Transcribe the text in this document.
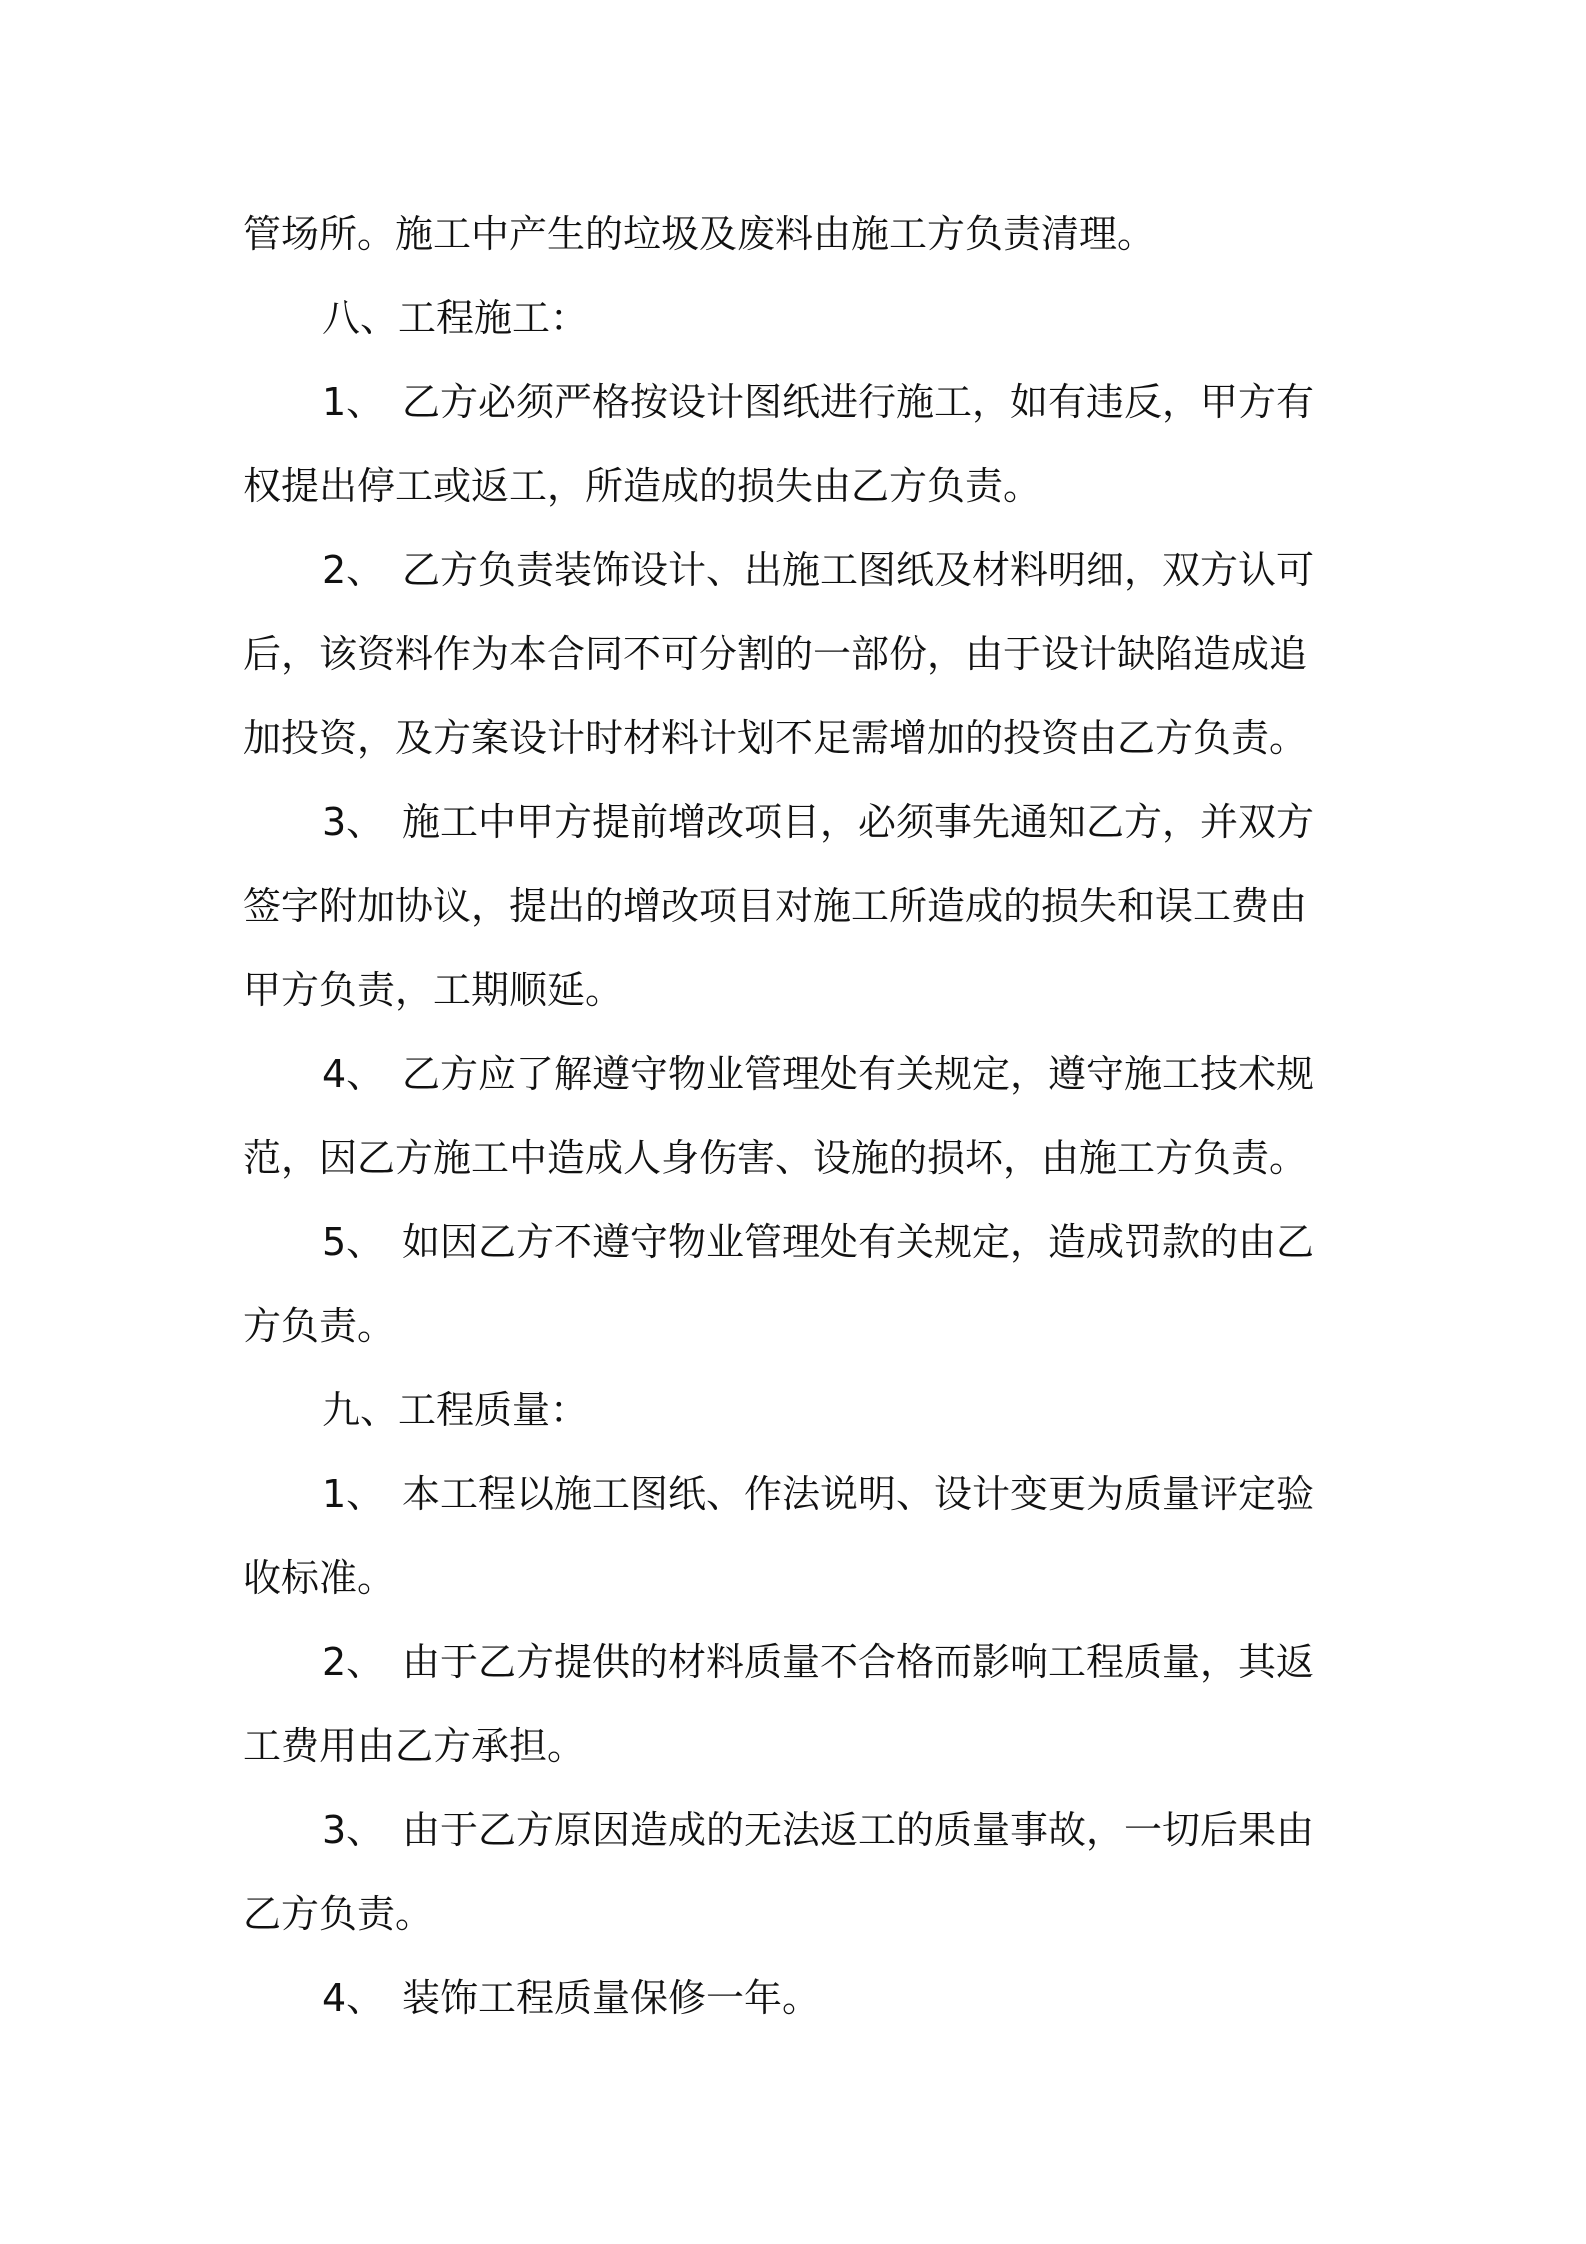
管场所。施工中产生的垃圾及废料由施工方负责清理。
八、工程施工：
1、 乙方必须严格按设计图纸进行施工，如有违反，甲方有
权提出停工或返工，所造成的损失由乙方负责。
2、 乙方负责装饰设计、出施工图纸及材料明细，双方认可
后，该资料作为本合同不可分割的一部份，由于设计缺陷造成追
加投资，及方案设计时材料计划不足需增加的投资由乙方负责。
3、 施工中甲方提前增改项目，必须事先通知乙方，并双方
签字附加协议，提出的增改项目对施工所造成的损失和误工费由
甲方负责，工期顺延。
4、 乙方应了解遵守物业管理处有关规定，遵守施工技术规
范，因乙方施工中造成人身伤害、设施的损坏，由施工方负责。
5、 如因乙方不遵守物业管理处有关规定，造成罚款的由乙
方负责。
九、工程质量：
1、 本工程以施工图纸、作法说明、设计变更为质量评定验
收标准。
2、 由于乙方提供的材料质量不合格而影响工程质量，其返
工费用由乙方承担。
3、 由于乙方原因造成的无法返工的质量事故，一切后果由
乙方负责。
4、 装饰工程质量保修一年。
